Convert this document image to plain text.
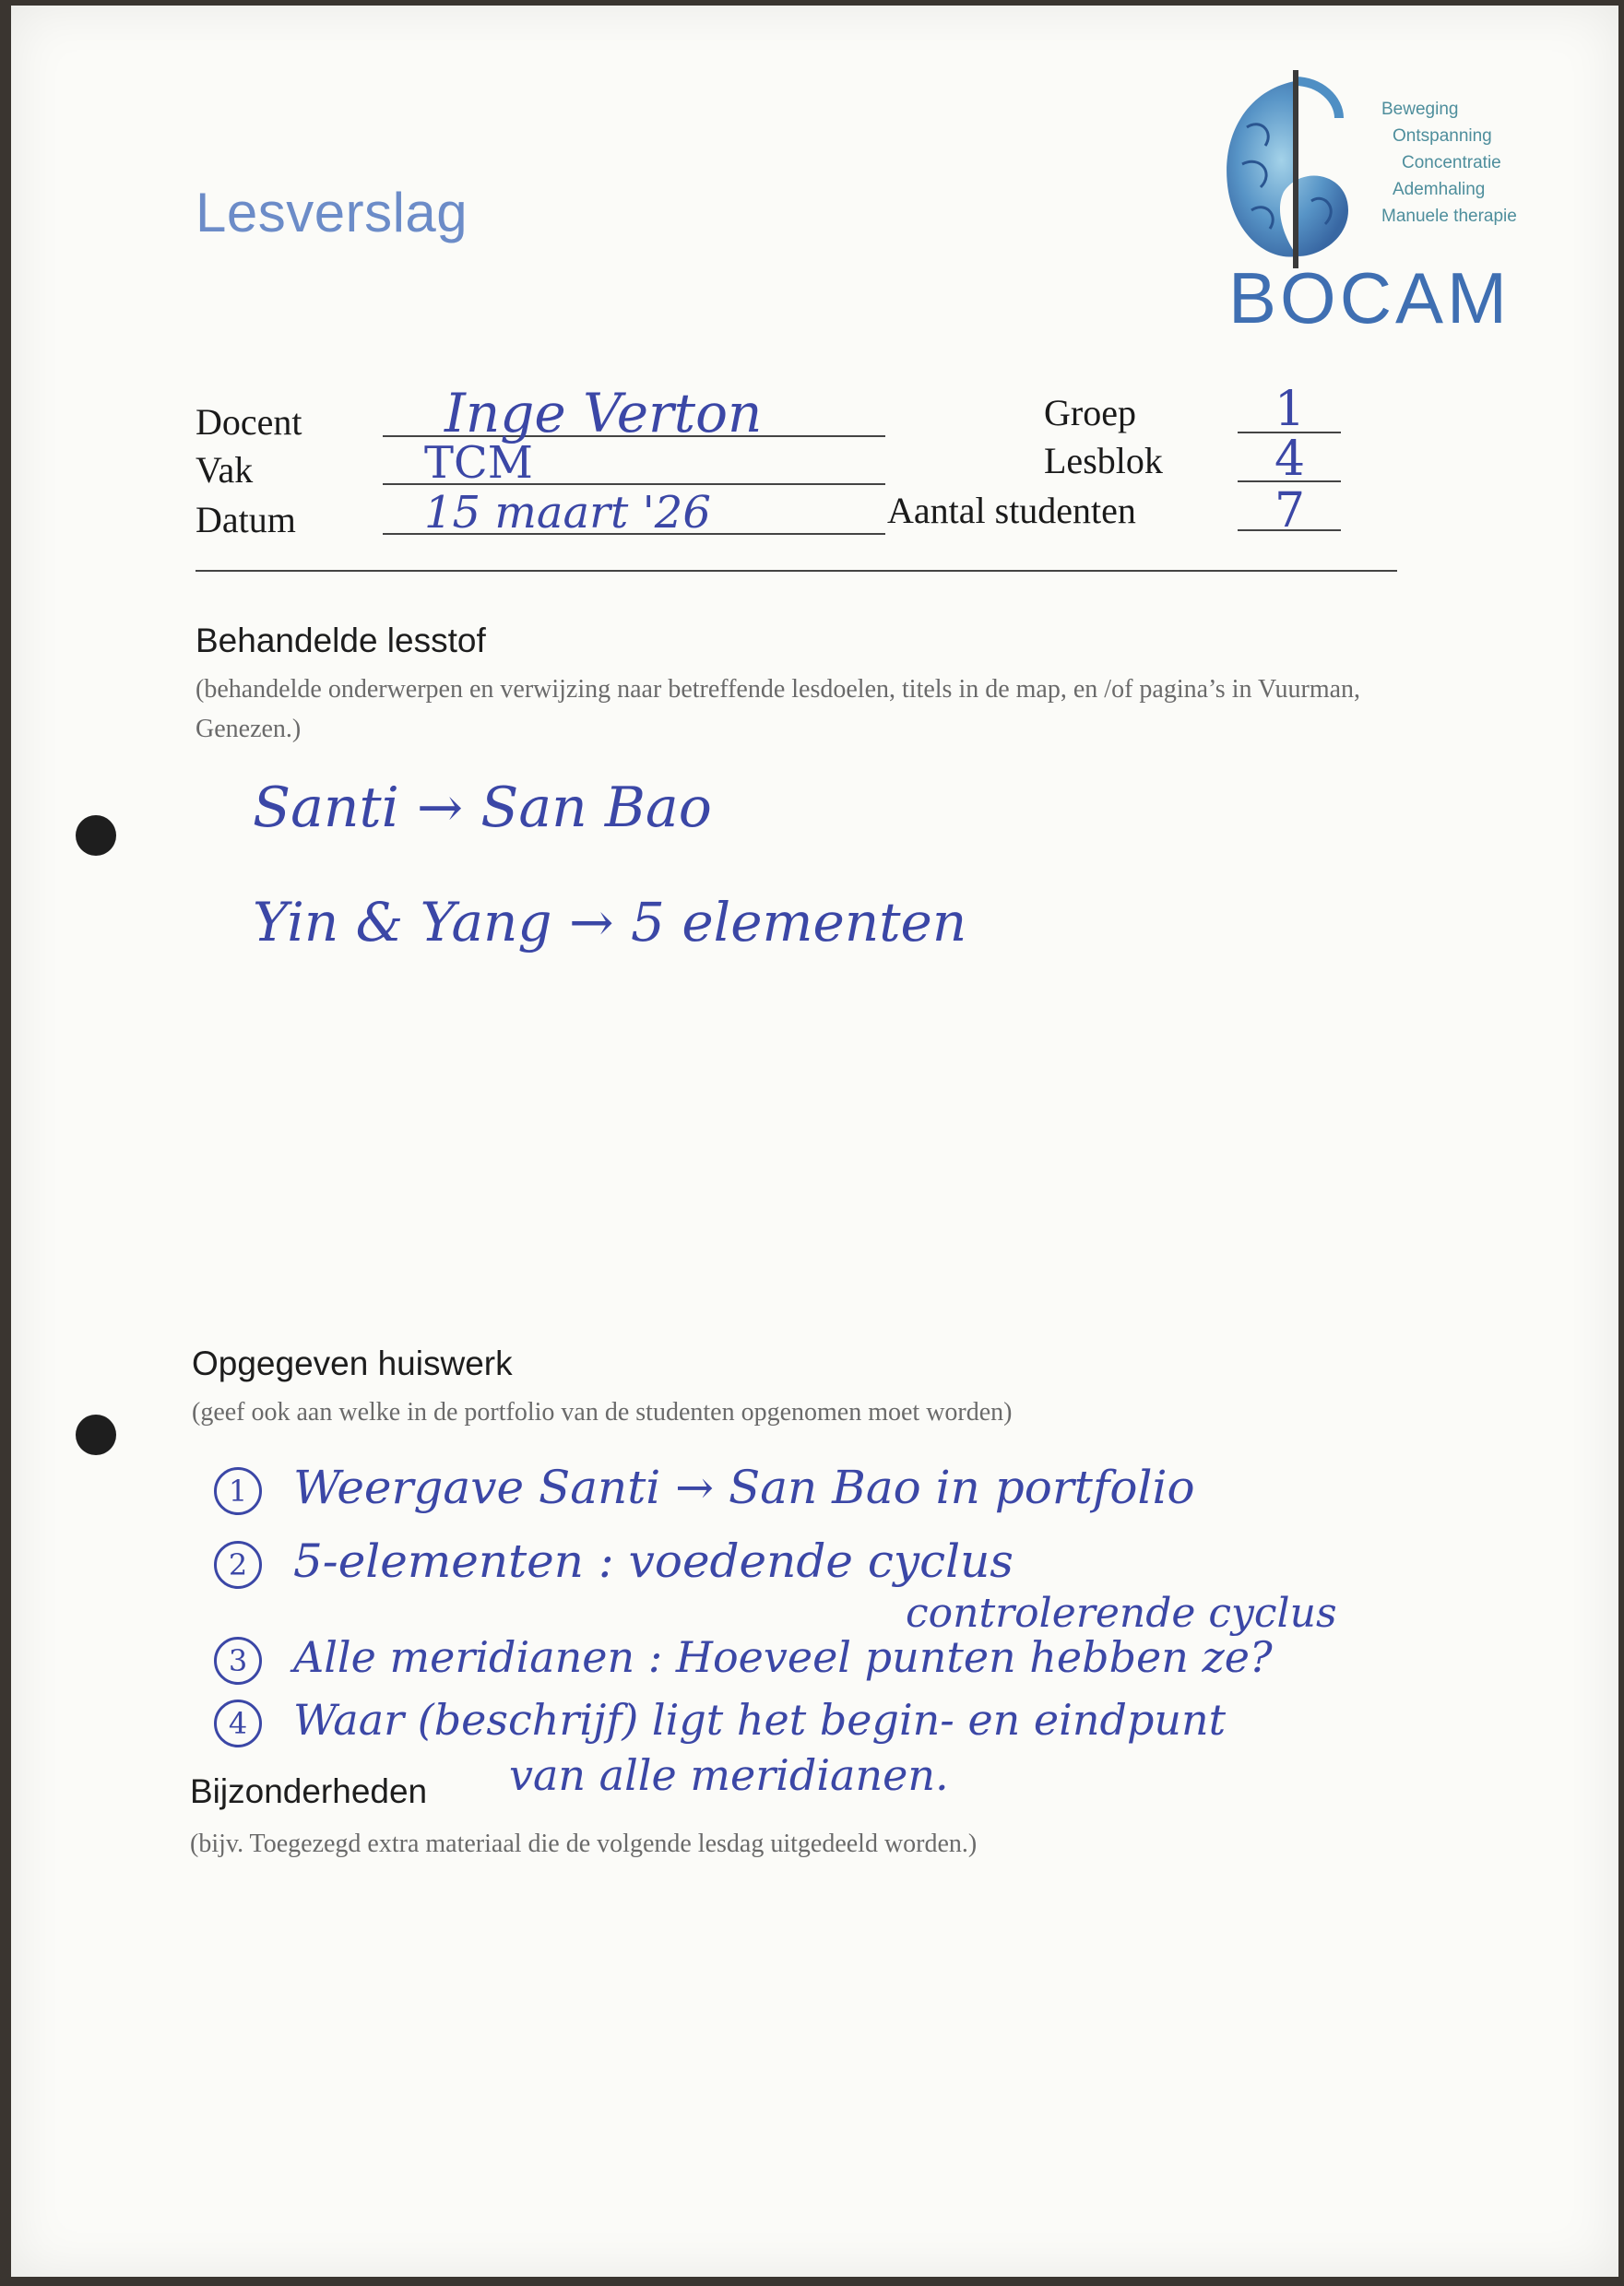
Lesverslag
Beweging
Ontspanning
Concentratie
Ademhaling
Manuele therapie
BOCAM
Docent
Vak
Datum
Inge Verton
TCM
15 maart '26
Groep
Lesblok
Aantal studenten
1
4
7
Behandelde lesstof
(behandelde onderwerpen en verwijzing naar betreffende lesdoelen, titels in de map, en /of pagina’s in Vuurman, Genezen.)
Santi → San Bao
Yin & Yang → 5 elementen
Opgegeven huiswerk
(geef ook aan welke in de portfolio van de studenten opgenomen moet worden)
1 Weergave Santi → San Bao in portfolio
2 5-elementen : voedende cyclus
controlerende cyclus
3 Alle meridianen : Hoeveel punten hebben ze?
4 Waar (beschrijf) ligt het begin- en eindpunt
van alle meridianen.
Bijzonderheden
(bijv. Toegezegd extra materiaal die de volgende lesdag uitgedeeld worden.)
